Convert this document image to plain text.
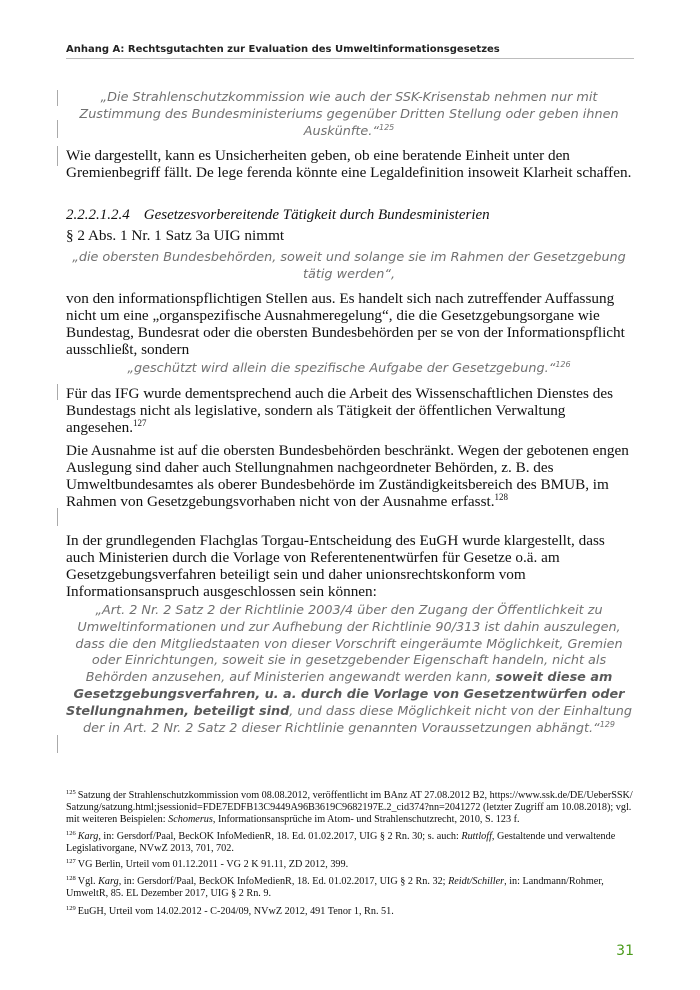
Anhang A: Rechtsgutachten zur Evaluation des Umweltinformationsgesetzes
„Die Strahlenschutzkommission wie auch der SSK-Krisenstab nehmen nur mit Zustimmung des Bundesministeriums gegenüber Dritten Stellung oder geben ihnen Auskünfte.“$^{125}$
Wie dargestellt, kann es Unsicherheiten geben, ob eine beratende Einheit unter den Gremienbegriff fällt. De lege ferenda könnte eine Legaldefinition insoweit Klarheit schaffen.
2.2.2.1.2.4 Gesetzesvorbereitende Tätigkeit durch Bundesministerien
§ 2 Abs. 1 Nr. 1 Satz 3a UIG nimmt
„die obersten Bundesbehörden, soweit und solange sie im Rahmen der Gesetzgebung tätig werden“,
von den informationspflichtigen Stellen aus. Es handelt sich nach zutreffender Auffassung nicht um eine „organspezifische Ausnahmeregelung“, die die Gesetzgebungsorgane wie Bundestag, Bundesrat oder die obersten Bundesbehörden per se von der Informationspflicht ausschließt, sondern
„geschützt wird allein die spezifische Aufgabe der Gesetzgebung.“$^{126}$
Für das IFG wurde dementsprechend auch die Arbeit des Wissenschaftlichen Dienstes des Bundestags nicht als legislative, sondern als Tätigkeit der öffentlichen Verwaltung angesehen.$^{127}$
Die Ausnahme ist auf die obersten Bundesbehörden beschränkt. Wegen der gebotenen engen Auslegung sind daher auch Stellungnahmen nachgeordneter Behörden, z. B. des Umweltbundesamtes als oberer Bundesbehörde im Zuständigkeitsbereich des BMUB, im Rahmen von Gesetzgebungsvorhaben nicht von der Ausnahme erfasst.$^{128}$
In der grundlegenden Flachglas Torgau-Entscheidung des EuGH wurde klargestellt, dass auch Ministerien durch die Vorlage von Referentenentwürfen für Gesetze o.ä. am Gesetzgebungsverfahren beteiligt sein und daher unionsrechtskonform vom Informationsanspruch ausgeschlossen sein können:
„Art. 2 Nr. 2 Satz 2 der Richtlinie 2003/4 über den Zugang der Öffentlichkeit zu Umweltinformationen und zur Aufhebung der Richtlinie 90/313 ist dahin auszulegen, dass die den Mitgliedstaaten von dieser Vorschrift eingeräumte Möglichkeit, Gremien oder Einrichtungen, soweit sie in gesetzgebender Eigenschaft handeln, nicht als Behörden anzusehen, auf Ministerien angewandt werden kann, soweit diese am Gesetzgebungsverfahren, u. a. durch die Vorlage von Gesetzentwürfen oder Stellungnahmen, beteiligt sind, und dass diese Möglichkeit nicht von der Einhaltung der in Art. 2 Nr. 2 Satz 2 dieser Richtlinie genannten Voraussetzungen abhängt.“$^{129}$
$^{125}$ Satzung der Strahlenschutzkommission vom 08.08.2012, veröffentlicht im BAnz AT 27.08.2012 B2, https://www.ssk.de/DE/UeberSSK/Satzung/satzung.html;jsessionid=FDE7EDFB13C9449A96B3619C9682197E.2_cid374?nn=2041272 (letzter Zugriff am 10.08.2018); vgl. mit weiteren Beispielen: Schomerus, Informationsansprüche im Atom- und Strahlenschutzrecht, 2010, S. 123 f.
$^{126}$ Karg, in: Gersdorf/Paal, BeckOK InfoMedienR, 18. Ed. 01.02.2017, UIG § 2 Rn. 30; s. auch: Ruttloff, Gestaltende und verwaltende Legislativorgane, NVwZ 2013, 701, 702.
$^{127}$ VG Berlin, Urteil vom 01.12.2011 - VG 2 K 91.11, ZD 2012, 399.
$^{128}$ Vgl. Karg, in: Gersdorf/Paal, BeckOK InfoMedienR, 18. Ed. 01.02.2017, UIG § 2 Rn. 32; Reidt/Schiller, in: Landmann/Rohmer, UmweltR, 85. EL Dezember 2017, UIG § 2 Rn. 9.
$^{129}$ EuGH, Urteil vom 14.02.2012 - C-204/09, NVwZ 2012, 491 Tenor 1, Rn. 51.
31
